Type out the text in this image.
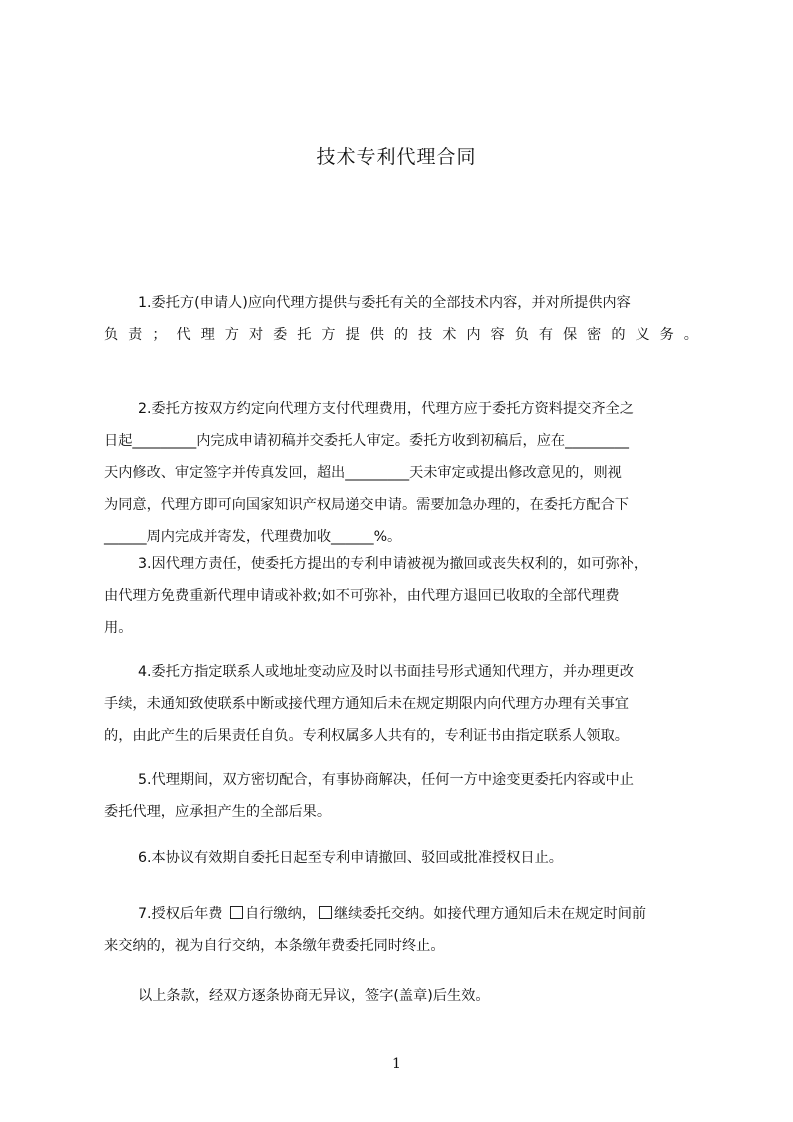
技术专利代理合同
1.委托方(申请人)应向代理方提供与委托有关的全部技术内容，并对所提供内容
负责；代理方对委托方提供的技术内容负有保密的义务。
2.委托方按双方约定向代理方支付代理费用，代理方应于委托方资料提交齐全之
日起_________内完成申请初稿并交委托人审定。委托方收到初稿后，应在_________
天内修改、审定签字并传真发回，超出_________天未审定或提出修改意见的，则视
为同意，代理方即可向国家知识产权局递交申请。需要加急办理的，在委托方配合下
______周内完成并寄发，代理费加收______%。
3.因代理方责任，使委托方提出的专利申请被视为撤回或丧失权利的，如可弥补，
由代理方免费重新代理申请或补救;如不可弥补，由代理方退回已收取的全部代理费
用。
4.委托方指定联系人或地址变动应及时以书面挂号形式通知代理方，并办理更改
手续，未通知致使联系中断或接代理方通知后未在规定期限内向代理方办理有关事宜
的，由此产生的后果责任自负。专利权属多人共有的，专利证书由指定联系人领取。
5.代理期间，双方密切配合，有事协商解决，任何一方中途变更委托内容或中止
委托代理，应承担产生的全部后果。
6.本协议有效期自委托日起至专利申请撤回、驳回或批准授权日止。
7.授权后年费 自行缴纳， 继续委托交纳。如接代理方通知后未在规定时间前
来交纳的，视为自行交纳，本条缴年费委托同时终止。
以上条款，经双方逐条协商无异议，签字(盖章)后生效。
1
